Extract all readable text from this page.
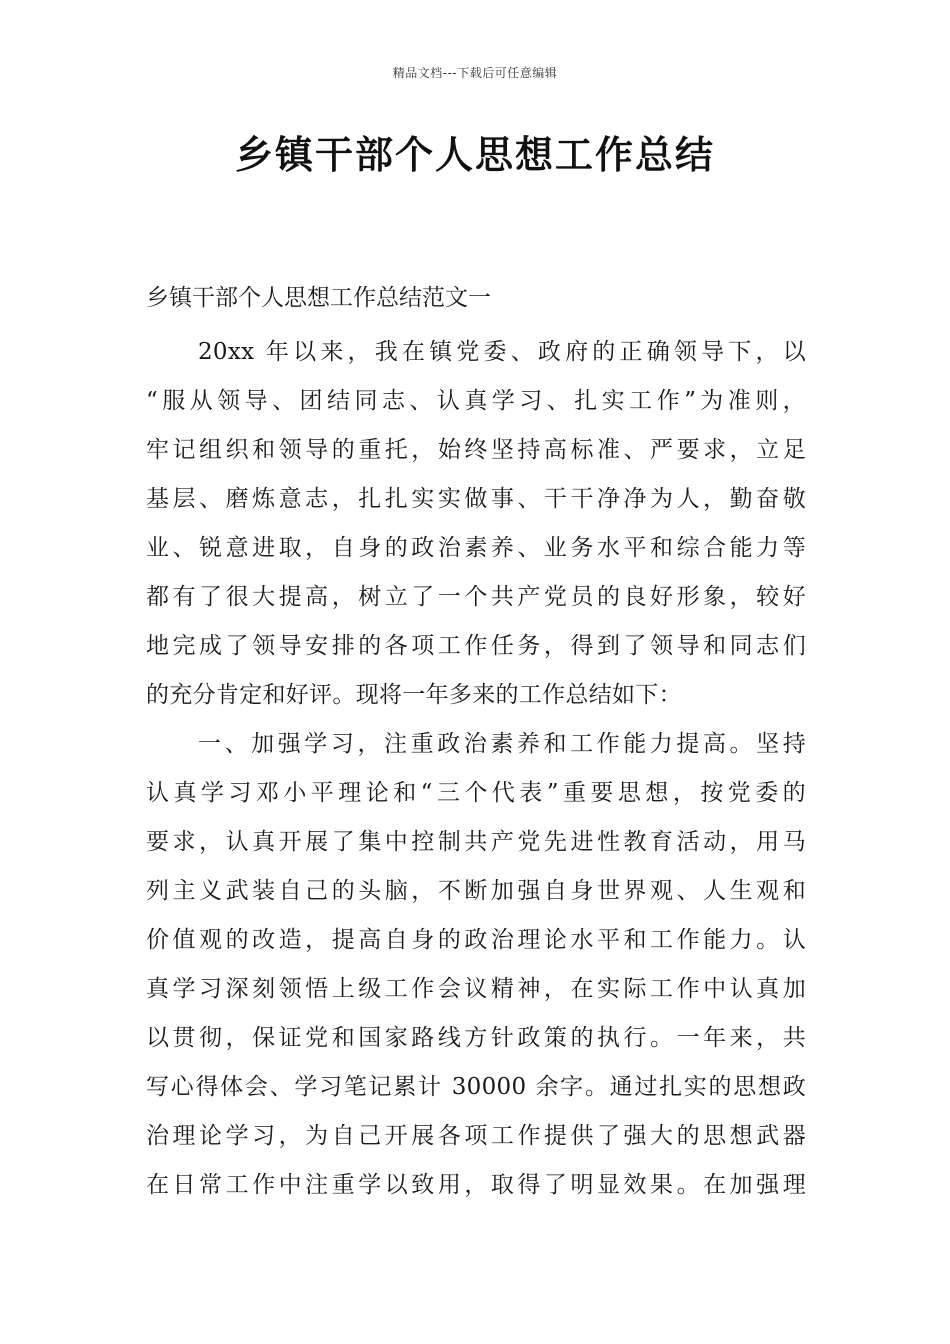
精品文档---下载后可任意编辑
乡镇干部个人思想工作总结
乡镇干部个人思想工作总结范文一
20xx 年以来，我在镇党委、政府的正确领导下，以
“服从领导、团结同志、认真学习、扎实工作”为准则，
牢记组织和领导的重托，始终坚持高标准、严要求，立足
基层、磨炼意志，扎扎实实做事、干干净净为人，勤奋敬
业、锐意进取，自身的政治素养、业务水平和综合能力等
都有了很大提高，树立了一个共产党员的良好形象，较好
地完成了领导安排的各项工作任务，得到了领导和同志们
的充分肯定和好评。现将一年多来的工作总结如下：
一、加强学习，注重政治素养和工作能力提高。坚持
认真学习邓小平理论和“三个代表”重要思想，按党委的
要求，认真开展了集中控制共产党先进性教育活动，用马
列主义武装自己的头脑，不断加强自身世界观、人生观和
价值观的改造，提高自身的政治理论水平和工作能力。认
真学习深刻领悟上级工作会议精神，在实际工作中认真加
以贯彻，保证党和国家路线方针政策的执行。一年来，共
写心得体会、学习笔记累计 30000 余字。通过扎实的思想政
治理论学习，为自己开展各项工作提供了强大的思想武器
在日常工作中注重学以致用，取得了明显效果。在加强理
